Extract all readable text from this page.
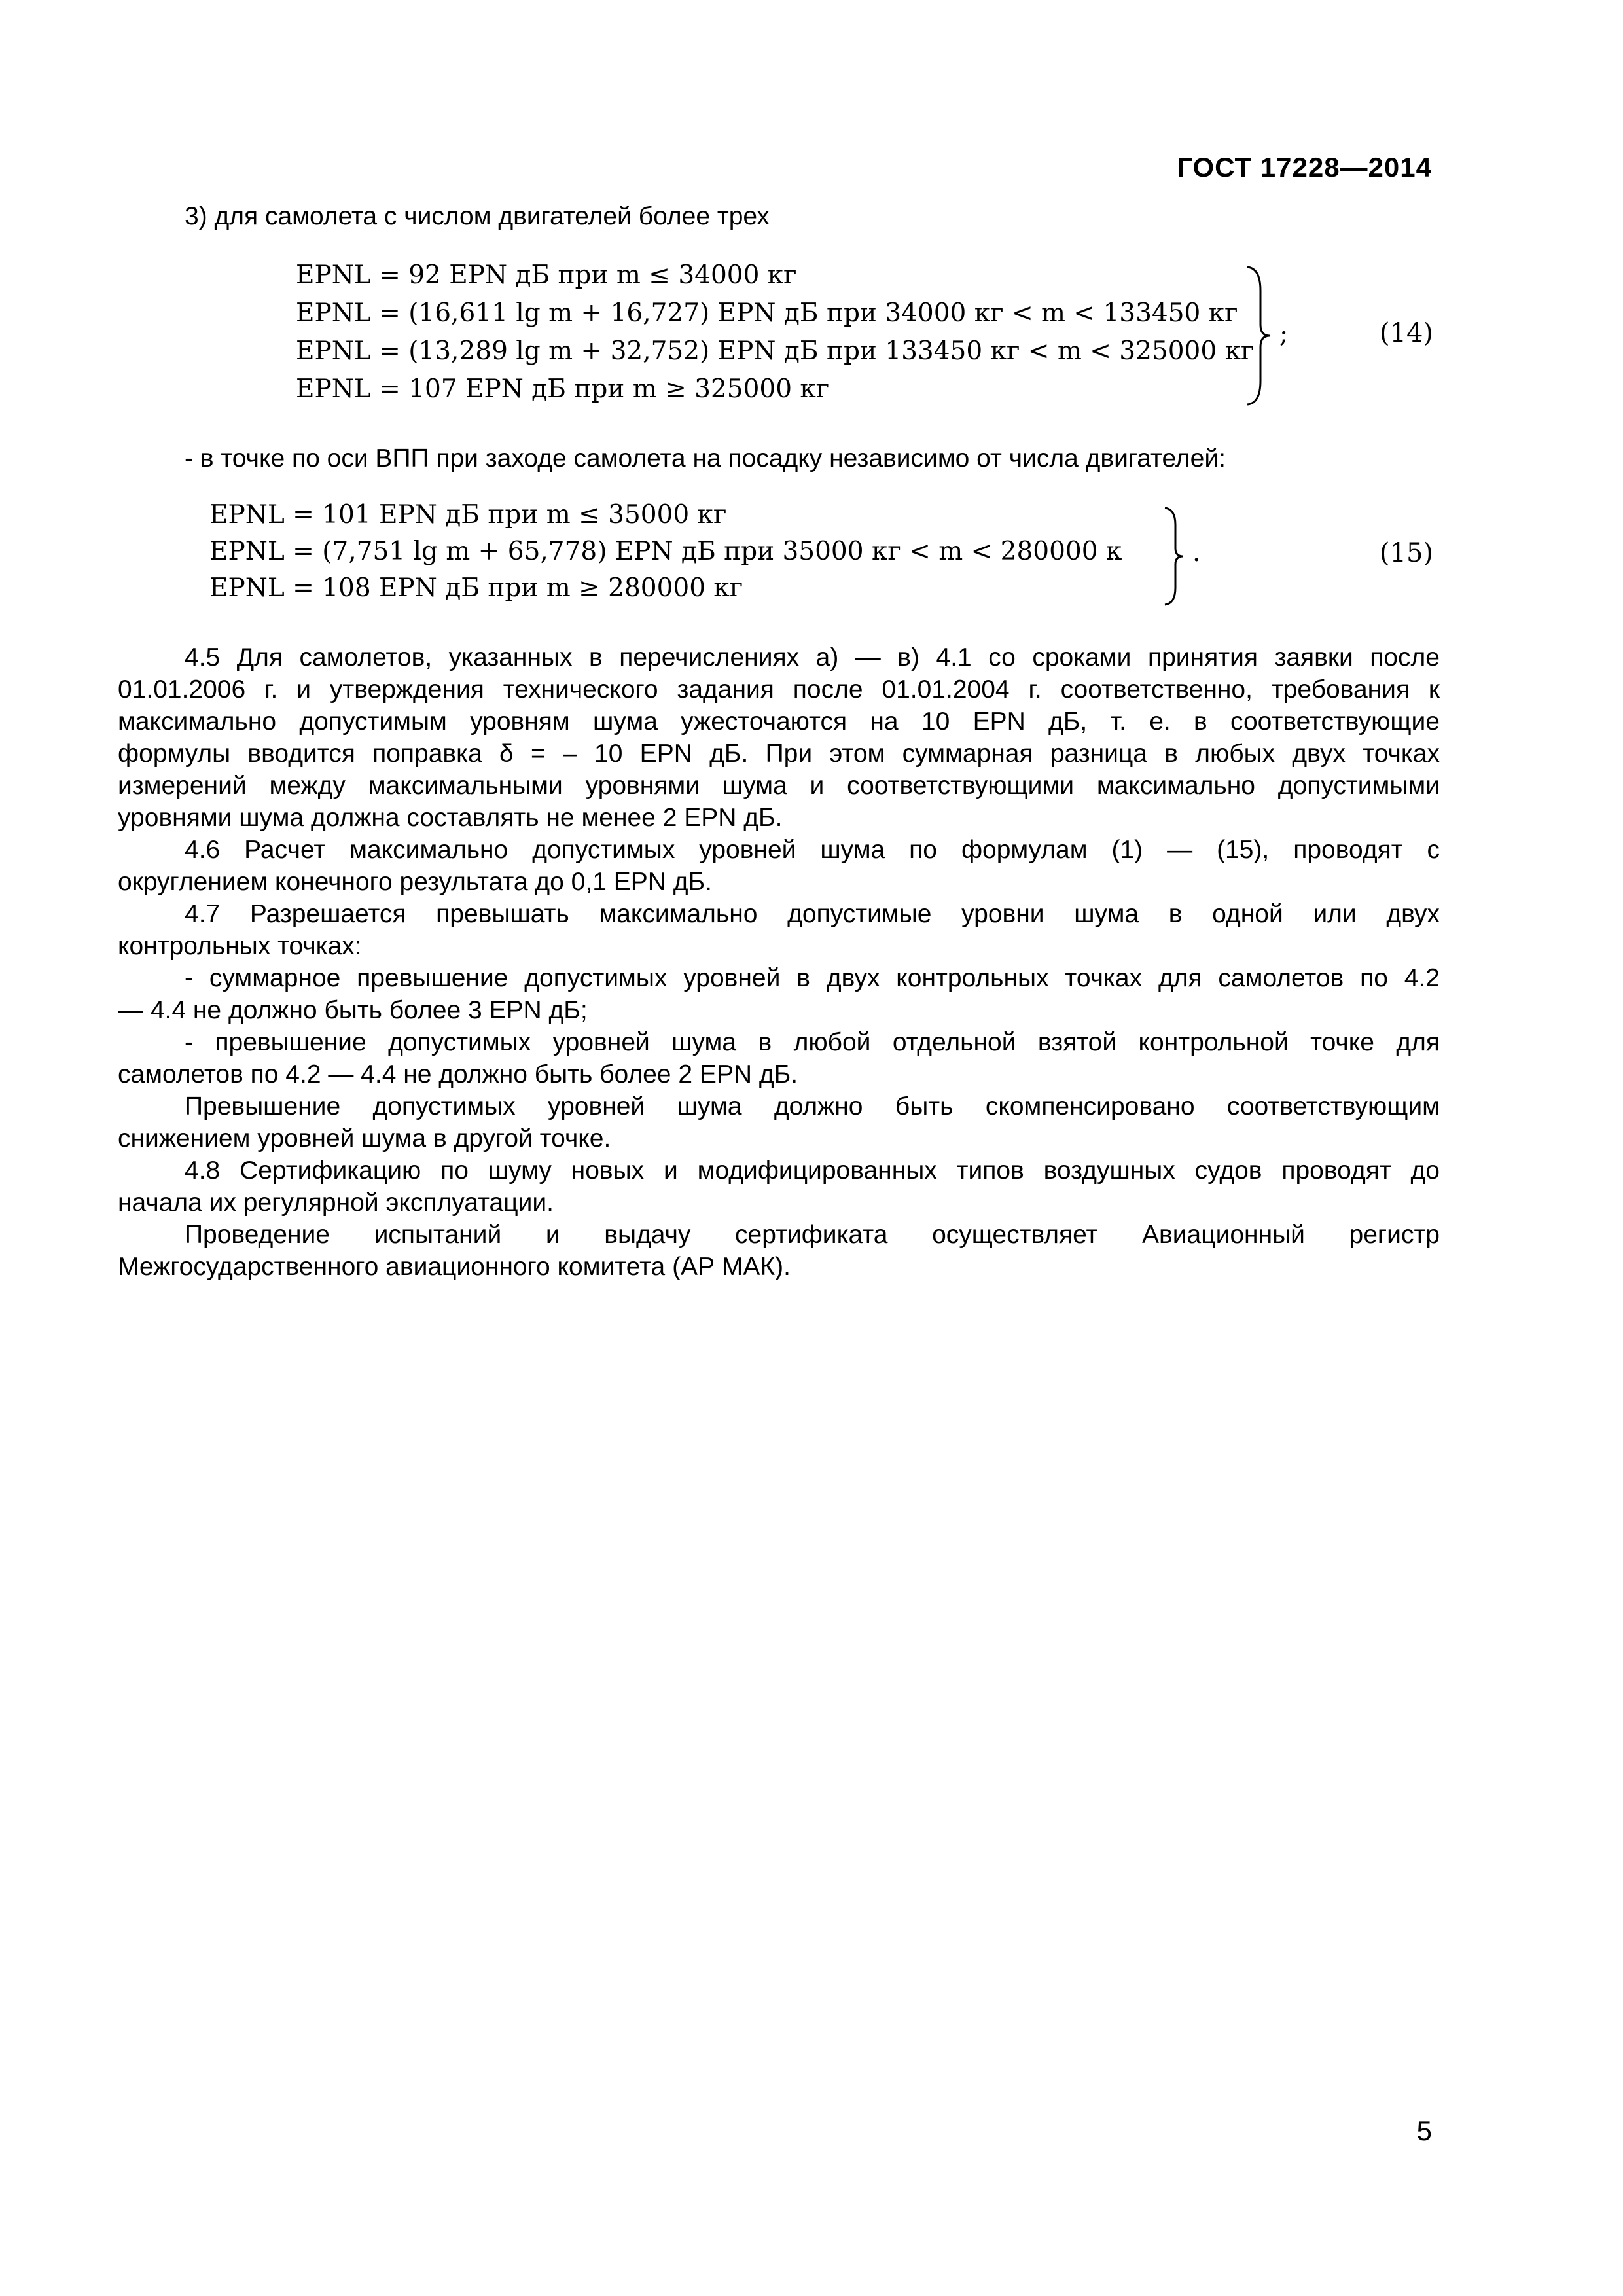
ГОСТ 17228—2014
3) для самолета с числом двигателей более трех
EPNL = 92 EPN дБ при m ≤ 34000 кг
EPNL = (16,611 lg m + 16,727) EPN дБ при 34000 кг < m < 133450 кг
EPNL = (13,289 lg m + 32,752) EPN дБ при 133450 кг < m < 325000 кг
EPNL = 107 EPN дБ при m ≥ 325000 кг
;	(14)
- в точке по оси ВПП при заходе самолета на посадку независимо от числа двигателей:
EPNL = 101 EPN дБ при m ≤ 35000 кг
EPNL = (7,751 lg m + 65,778) EPN дБ при 35000 кг < m < 280000 к
EPNL = 108 EPN дБ при m ≥ 280000 кг
.	(15)
4.5 Для самолетов, указанных в перечислениях а) — в) 4.1 со сроками принятия заявки после
01.01.2006 г. и утверждения технического задания после 01.01.2004 г. соответственно, требования к
максимально допустимым уровням шума ужесточаются на 10 EPN дБ, т. е. в соответствующие
формулы вводится поправка δ = – 10 EPN дБ. При этом суммарная разница в любых двух точках
измерений между максимальными уровнями шума и соответствующими максимально допустимыми
уровнями шума должна составлять не менее 2 EPN дБ.
4.6 Расчет максимально допустимых уровней шума по формулам (1) — (15), проводят с
округлением конечного результата до 0,1 EPN дБ.
4.7 Разрешается превышать максимально допустимые уровни шума в одной или двух
контрольных точках:
- суммарное превышение допустимых уровней в двух контрольных точках для самолетов по 4.2
— 4.4 не должно быть более 3 EPN дБ;
- превышение допустимых уровней шума в любой отдельной взятой контрольной точке для
самолетов по 4.2 — 4.4 не должно быть более 2 EPN дБ.
Превышение допустимых уровней шума должно быть скомпенсировано соответствующим
снижением уровней шума в другой точке.
4.8 Сертификацию по шуму новых и модифицированных типов воздушных судов проводят до
начала их регулярной эксплуатации.
Проведение испытаний и выдачу сертификата осуществляет Авиационный регистр
Межгосударственного авиационного комитета (АР МАК).
5
